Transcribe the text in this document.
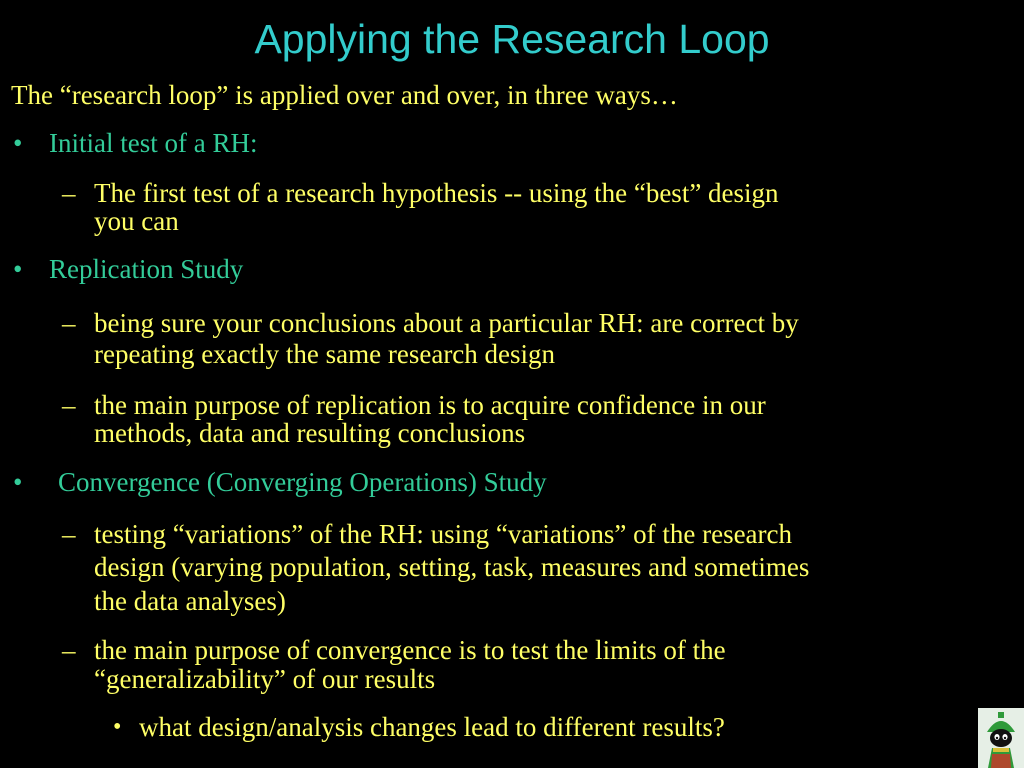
Applying the Research Loop
The “research loop” is applied over and over, in three ways…
• Initial test of a RH:
– The first test of a research hypothesis -- using the “best” design
you can
• Replication Study
– being sure your conclusions about a particular RH: are correct by
repeating exactly the same research design
– the main purpose of replication is to acquire confidence in our
methods, data and resulting conclusions
• Convergence (Converging Operations) Study
– testing “variations” of the RH: using “variations” of the research
design (varying population, setting, task, measures and sometimes
the data analyses)
– the main purpose of convergence is to test the limits of the
“generalizability” of our results
• what design/analysis changes lead to different results?
